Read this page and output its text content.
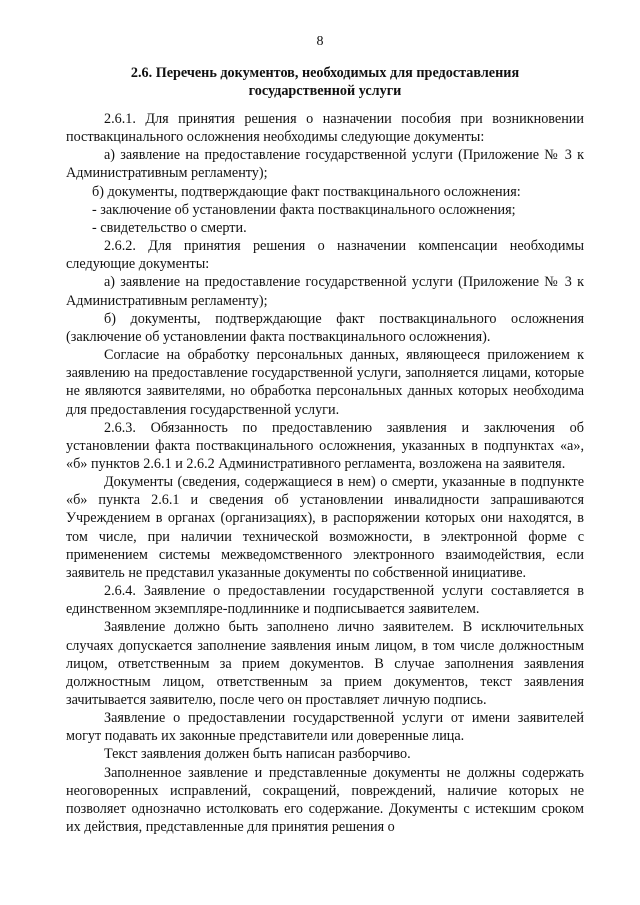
8
2.6. Перечень документов, необходимых для предоставления
государственной услуги

2.6.1. Для принятия решения о назначении пособия при возникновении поствакцинального осложнения необходимы следующие документы:

а) заявление на предоставление государственной услуги (Приложение № 3 к Административным регламенту);

б) документы, подтверждающие факт поствакцинального осложнения:

- заключение об установлении факта поствакцинального осложнения;

- свидетельство о смерти.

2.6.2. Для принятия решения о назначении компенсации необходимы следующие документы:

а) заявление на предоставление государственной услуги (Приложение № 3 к Административным регламенту);

б) документы, подтверждающие факт поствакцинального осложнения (заключение об установлении факта поствакцинального осложнения).

Согласие на обработку персональных данных, являющееся приложением к заявлению на предоставление государственной услуги, заполняется лицами, которые не являются заявителями, но обработка персональных данных которых необходима для предоставления государственной услуги.

2.6.3. Обязанность по предоставлению заявления и заключения об установлении факта поствакцинального осложнения, указанных в подпунктах «а», «б» пунктов 2.6.1 и 2.6.2 Административного регламента, возложена на заявителя.

Документы (сведения, содержащиеся в нем) о смерти, указанные в подпункте «б» пункта 2.6.1 и сведения об установлении инвалидности запрашиваются Учреждением в органах (организациях), в распоряжении которых они находятся, в том числе, при наличии технической возможности, в электронной форме с применением системы межведомственного электронного взаимодействия, если заявитель не представил указанные документы по собственной инициативе.

2.6.4. Заявление о предоставлении государственной услуги составляется в единственном экземпляре-подлиннике и подписывается заявителем.

Заявление должно быть заполнено лично заявителем. В исключительных случаях допускается заполнение заявления иным лицом, в том числе должностным лицом, ответственным за прием документов. В случае заполнения заявления должностным лицом, ответственным за прием документов, текст заявления зачитывается заявителю, после чего он проставляет личную подпись.

Заявление о предоставлении государственной услуги от имени заявителей могут подавать их законные представители или доверенные лица.

Текст заявления должен быть написан разборчиво.

Заполненное заявление и представленные документы не должны содержать неоговоренных исправлений, сокращений, повреждений, наличие которых не позволяет однозначно истолковать его содержание. Документы с истекшим сроком их действия, представленные для принятия решения о
